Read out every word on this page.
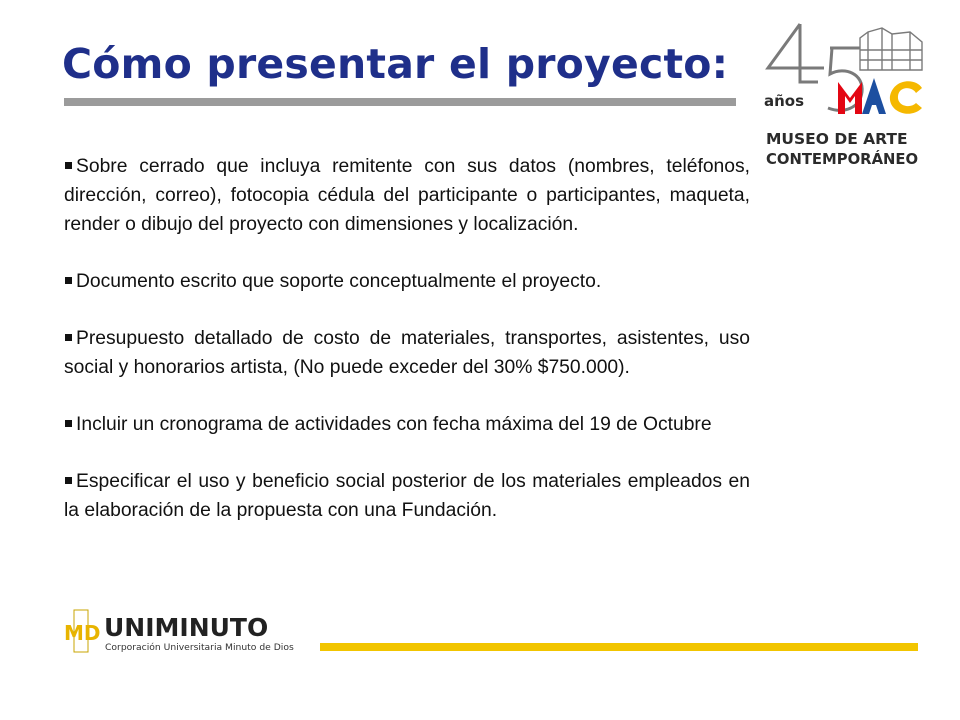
Cómo presentar el proyecto:
años
MUSEO DE ARTE
CONTEMPORÁNEO

Sobre cerrado que incluya remitente con sus datos (nombres, teléfonos, dirección, correo), fotocopia cédula del participante o participantes, maqueta, render o dibujo del proyecto con dimensiones y localización.

Documento escrito que soporte conceptualmente el proyecto.

Presupuesto detallado de costo de materiales, transportes, asistentes, uso social y honorarios artista, (No puede exceder del 30% $750.000).

Incluir un cronograma de actividades con fecha máxima del 19 de Octubre

Especificar el uso y beneficio social posterior de los materiales empleados en la elaboración de la propuesta con una Fundación.

MD UNIMINUTO
Corporación Universitaria Minuto de Dios
